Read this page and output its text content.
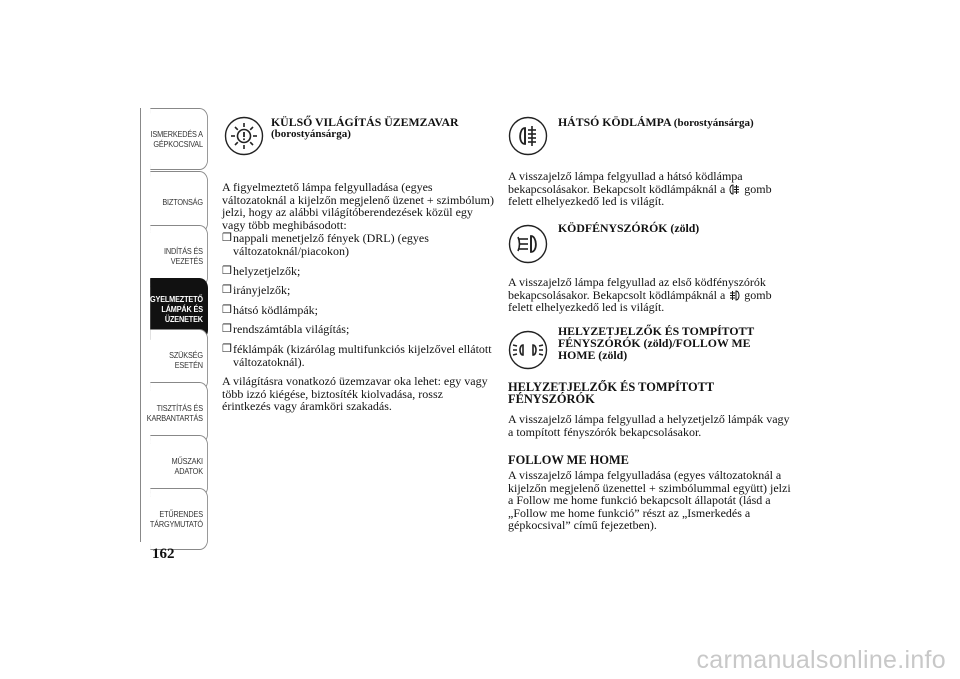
ISMERKEDÉS A
GÉPKOCSIVAL
BIZTONSÁG
INDÍTÁS ÉS
VEZETÉS
FIGYELMEZTETŐ
LÁMPÁK ÉS
ÜZENETEK
SZÜKSÉG ESETÉN
TISZTÍTÁS ÉS
KARBANTARTÁS
MŰSZAKI ADATOK
ETŰRENDES
TÁRGYMUTATÓ
162
KÜLSŐ VILÁGÍTÁS ÜZEMZAVAR
(borostyánsárga)

A figyelmeztető lámpa felgyulladása (egyes változatoknál a kijelzőn megjelenő üzenet + szimbólum) jelzi, hogy az alábbi világítóberendezések közül egy vagy több meghibásodott:

❒ nappali menetjelző fények (DRL) (egyes változatoknál/piacokon)
❒ helyzetjelzők;
❒ irányjelzők;
❒ hátsó ködlámpák;
❒ rendszámtábla világítás;
❒ féklámpák (kizárólag multifunkciós kijelzővel ellátott változatoknál).

A világításra vonatkozó üzemzavar oka lehet: egy vagy több izzó kiégése, biztosíték kiolvadása, rossz érintkezés vagy áramköri szakadás.

HÁTSÓ KÖDLÁMPA (borostyánsárga)
A visszajelző lámpa felgyullad a hátsó ködlámpa bekapcsolásakor. Bekapcsolt ködlámpáknál a  gomb felett elhelyezkedő led is világít.
KÖDFÉNYSZÓRÓK (zöld)
A visszajelző lámpa felgyullad az első ködfényszórók bekapcsolásakor. Bekapcsolt ködlámpáknál a  gomb felett elhelyezkedő led is világít.
HELYZETJELZŐK ÉS TOMPÍTOTT FÉNYSZÓRÓK (zöld)/FOLLOW ME HOME (zöld)
HELYZETJELZŐK ÉS TOMPÍTOTT FÉNYSZÓRÓK
A visszajelző lámpa felgyullad a helyzetjelző lámpák vagy a tompított fényszórók bekapcsolásakor.
FOLLOW ME HOME
A visszajelző lámpa felgyulladása (egyes változatoknál a kijelzőn megjelenő üzenettel + szimbólummal együtt) jelzi a Follow me home funkció bekapcsolt állapotát (lásd a „Follow me home funkció” részt az „Ismerkedés a gépkocsival” című fejezetben).
carmanualsonline.info
